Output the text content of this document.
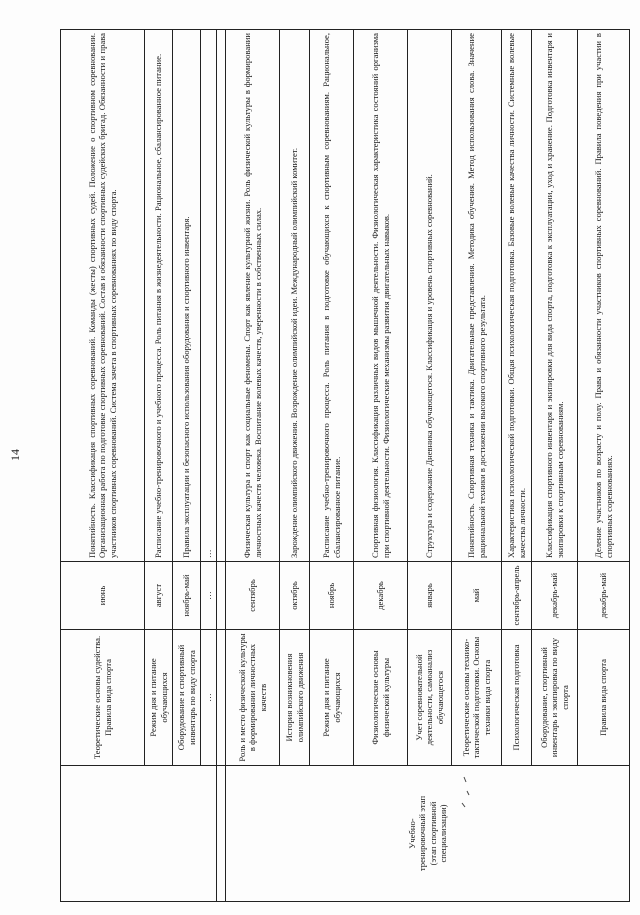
14
	Теоретические основы судейства. Правила вида спорта	июнь	Понятийность. Классификация спортивных соревнований. Команды (жесты) спортивных судей. Положение о спортивном соревновании. Организационная работа по подготовке спортивных соревнований. Состав и обязанности спортивных судейских бригад. Обязанности и права участников спортивных соревнований. Система зачета в спортивных соревнованиях по виду спорта.
	Режим дня и питание обучающихся	август	Расписание учебно-тренировочного и учебного процесса. Роль питания в жизнедеятельности. Рациональное, сбалансированное питание.
	Оборудование и спортивный инвентарь по виду спорта	ноябрь-май	Правила эксплуатации и безопасного использования оборудования и спортивного инвентаря.
	…	…	…

Учебно-тренировочный этап (этап спортивной специализации)	Роль и место физической культуры в формировании личностных качеств	сентябрь	Физическая культура и спорт как социальные феномены. Спорт как явление культурной жизни. Роль физической культуры в формировании личностных качеств человека. Воспитание волевых качеств, уверенности в собственных силах.
	История возникновения олимпийского движения	октябрь	Зарождение олимпийского движения. Возрождение олимпийской идеи. Международный олимпийский комитет.
	Режим дня и питание обучающихся	ноябрь	Расписание учебно-тренировочного процесса. Роль питания в подготовке обучающихся к спортивным соревнованиям. Рациональное, сбалансированное питание.
	Физиологические основы физической культуры	декабрь	Спортивная физиология. Классификация различных видов мышечной деятельности. Физиологическая характеристика состояний организма при спортивной деятельности. Физиологические механизмы развития двигательных навыков.
	Учет соревновательной деятельности, самоанализ обучающегося	январь	Структура и содержание Дневника обучающегося. Классификация и уровень спортивных соревнований.
	Теоретические основы технико-тактической подготовки. Основы техники вида спорта	май	Понятийность. Спортивная техника и тактика. Двигательные представления. Методика обучения. Метод использования слова. Значение рациональной техники в достижении высокого спортивного результата.
	Психологическая подготовка	сентябрь-апрель	Характеристика психологической подготовки. Общая психологическая подготовка. Базовые волевые качества личности. Системные волевые качества личности.
	Оборудование, спортивный инвентарь и экипировка по виду спорта	декабрь-май	Классификация спортивного инвентаря и экипировки для вида спорта, подготовка к эксплуатации, уход и хранение. Подготовка инвентаря и экипировки к спортивным соревнованиям.
	Правила вида спорта	декабрь-май	Деление участников по возрасту и полу. Права и обязанности участников спортивных соревнований. Правила поведения при участии в спортивных соревнованиях.
